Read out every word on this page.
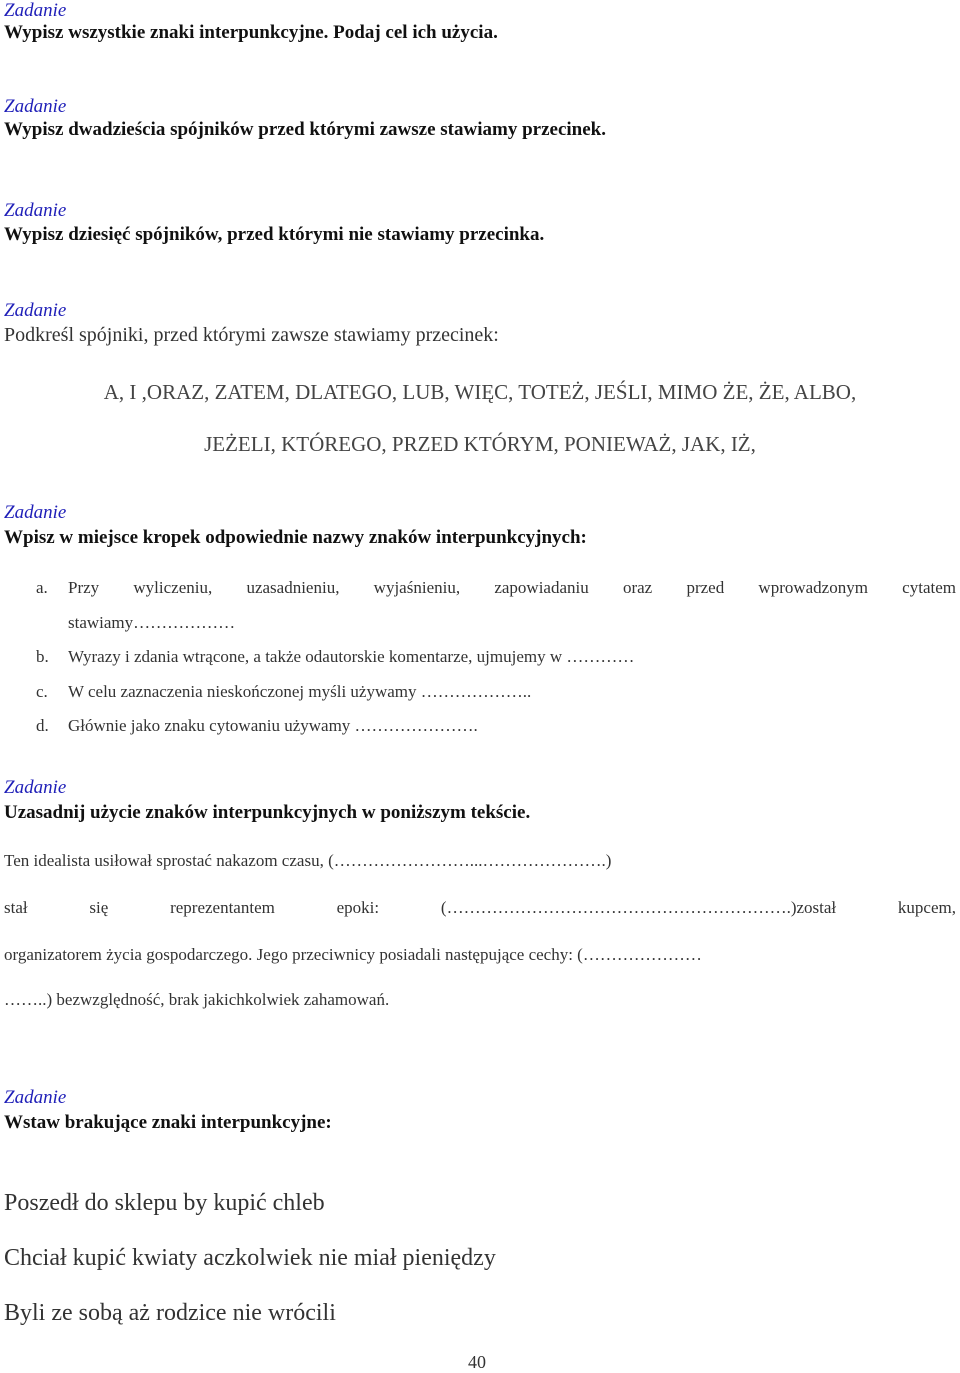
Zadanie
Wypisz wszystkie znaki interpunkcyjne. Podaj cel ich użycia.
Zadanie
Wypisz dwadzieścia spójników przed którymi zawsze stawiamy przecinek.
Zadanie
Wypisz dziesięć spójników, przed którymi nie stawiamy przecinka.
Zadanie
Podkreśl spójniki, przed którymi zawsze stawiamy przecinek:
A, I ,ORAZ, ZATEM, DLATEGO, LUB, WIĘC, TOTEŻ, JEŚLI, MIMO ŻE, ŻE, ALBO,
JEŻELI, KTÓREGO, PRZED KTÓRYM, PONIEWAŻ, JAK, IŻ,
Zadanie
Wpisz w miejsce kropek odpowiednie nazwy znaków interpunkcyjnych:
a. Przy wyliczeniu, uzasadnieniu, wyjaśnieniu, zapowiadaniu oraz przed wprowadzonym cytatem
stawiamy………………
b. Wyrazy i zdania wtrącone, a także odautorskie komentarze, ujmujemy w …………
c. W celu zaznaczenia nieskończonej myśli używamy ………………..
d. Głównie jako znaku cytowaniu używamy ………………….
Zadanie
Uzasadnij użycie znaków interpunkcyjnych w poniższym tekście.
Ten idealista usiłował sprostać nakazom czasu, (……………………...………………….)
stał się reprezentantem epoki: (…………………………………………………….)został kupcem,
organizatorem życia gospodarczego. Jego przeciwnicy posiadali następujące cechy: (…………………
……..) bezwzględność, brak jakichkolwiek zahamowań.
Zadanie
Wstaw brakujące znaki interpunkcyjne:
Poszedł do sklepu by kupić chleb
Chciał kupić kwiaty aczkolwiek nie miał pieniędzy
Byli ze sobą aż rodzice nie wrócili
40
